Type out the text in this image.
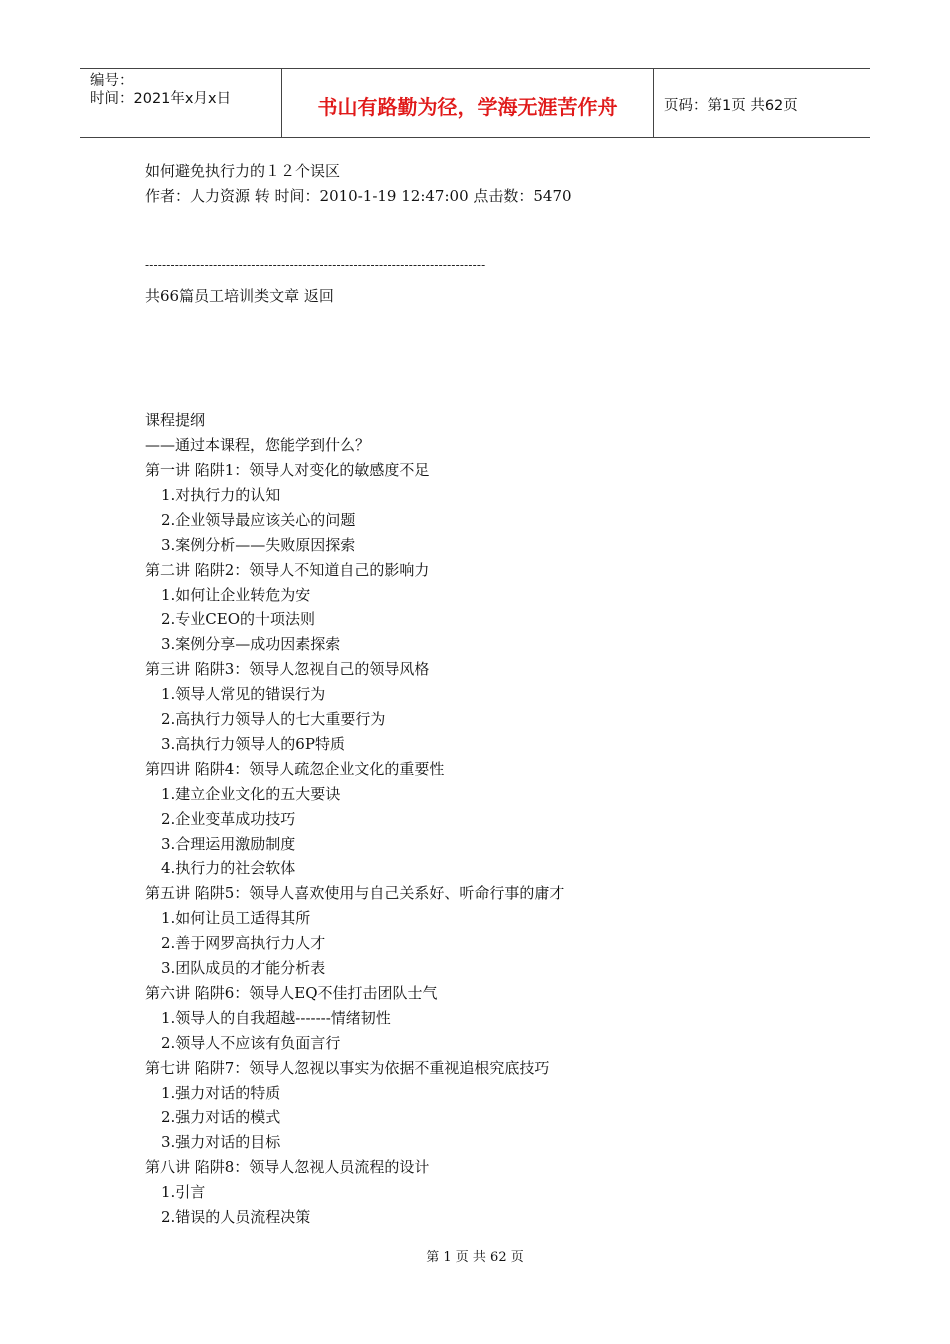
编号：
时间：2021年x月x日	书山有路勤为径，学海无涯苦作舟	页码：第1页 共62页
如何避免执行力的１２个误区
作者：人力资源 转 时间：2010-1-19 12:47:00 点击数：5470
共66篇员工培训类文章 返回
课程提纲
——通过本课程，您能学到什么？
第一讲 陷阱1：领导人对变化的敏感度不足
1.对执行力的认知
2.企业领导最应该关心的问题
3.案例分析——失败原因探索
第二讲 陷阱2：领导人不知道自己的影响力
1.如何让企业转危为安
2.专业CEO的十项法则
3.案例分享—成功因素探索
第三讲 陷阱3：领导人忽视自己的领导风格
1.领导人常见的错误行为
2.高执行力领导人的七大重要行为
3.高执行力领导人的6P特质
第四讲 陷阱4：领导人疏忽企业文化的重要性
1.建立企业文化的五大要诀
2.企业变革成功技巧
3.合理运用激励制度
4.执行力的社会软体
第五讲 陷阱5：领导人喜欢使用与自己关系好、听命行事的庸才
1.如何让员工适得其所
2.善于网罗高执行力人才
3.团队成员的才能分析表
第六讲 陷阱6：领导人EQ不佳打击团队士气
1.领导人的自我超越-------情绪韧性
2.领导人不应该有负面言行
第七讲 陷阱7：领导人忽视以事实为依据不重视追根究底技巧
1.强力对话的特质
2.强力对话的模式
3.强力对话的目标
第八讲 陷阱8：领导人忽视人员流程的设计
1.引言
2.错误的人员流程决策
--------------------------------------------------------------------------------
第 1 页 共 62 页
